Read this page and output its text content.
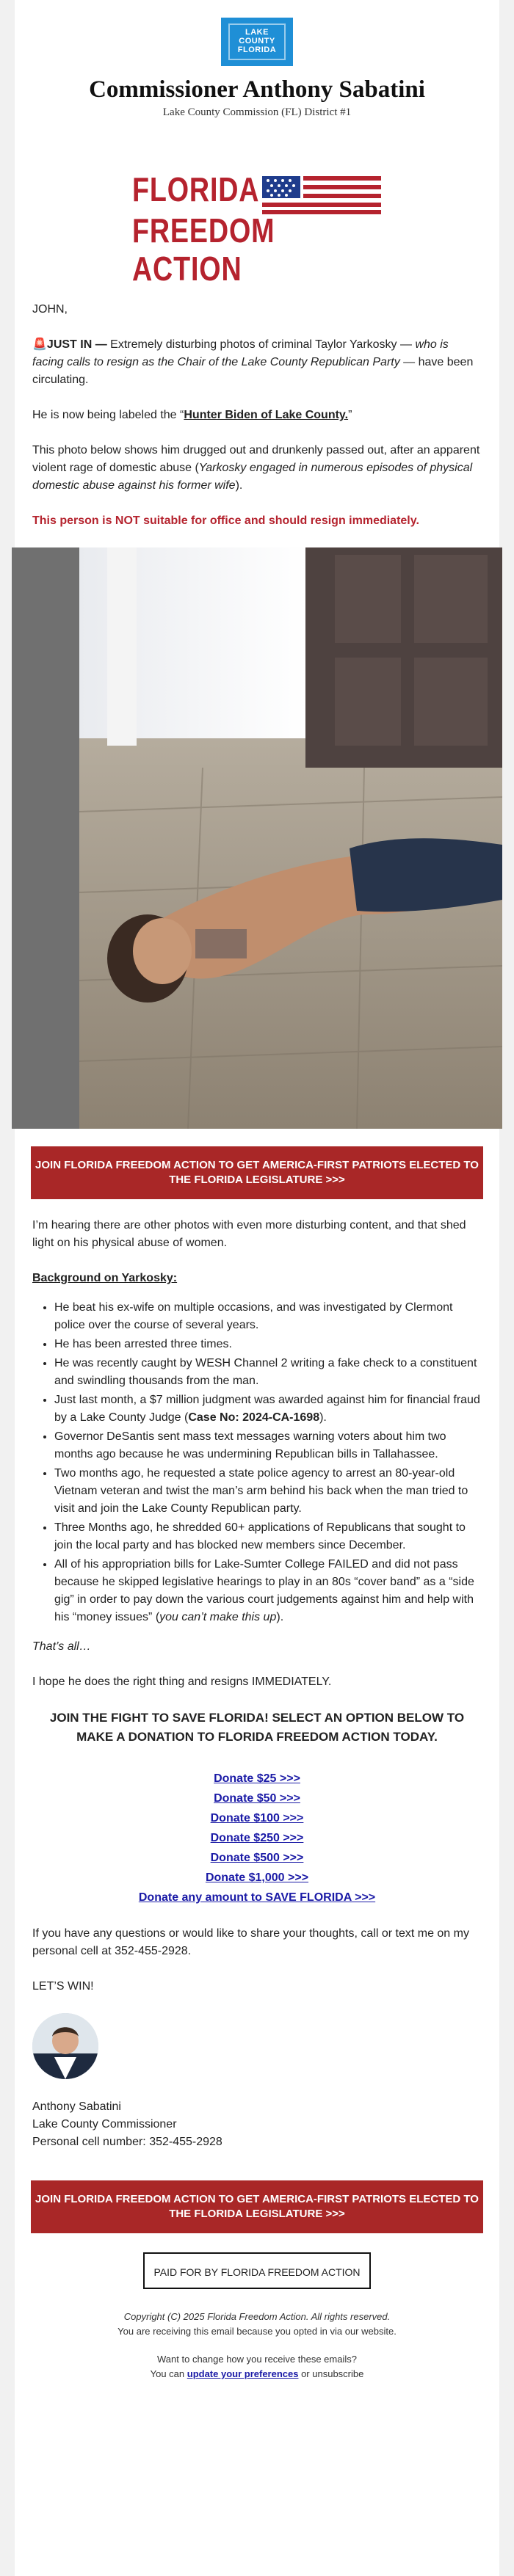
LAKE
COUNTY
FLORIDA
Commissioner Anthony Sabatini
Lake County Commission (FL) District #1
FLORIDA
FREEDOM ACTION

JOHN,

🚨JUST IN — Extremely disturbing photos of criminal Taylor Yarkosky — who is facing calls to resign as the Chair of the Lake County Republican Party — have been circulating.

He is now being labeled the “Hunter Biden of Lake County.”

This photo below shows him drugged out and drunkenly passed out, after an apparent violent rage of domestic abuse (Yarkosky engaged in numerous episodes of physical domestic abuse against his former wife).

This person is NOT suitable for office and should resign immediately.

JOIN FLORIDA FREEDOM ACTION TO GET AMERICA-FIRST PATRIOTS ELECTED TO THE FLORIDA LEGISLATURE >>>

I’m hearing there are other photos with even more disturbing content, and that shed light on his physical abuse of women.

Background on Yarkosky:

• He beat his ex-wife on multiple occasions, and was investigated by Clermont police over the course of several years.
• He has been arrested three times.
• He was recently caught by WESH Channel 2 writing a fake check to a constituent and swindling thousands from the man.
• Just last month, a $7 million judgment was awarded against him for financial fraud by a Lake County Judge (Case No: 2024-CA-1698).
• Governor DeSantis sent mass text messages warning voters about him two months ago because he was undermining Republican bills in Tallahassee.
• Two months ago, he requested a state police agency to arrest an 80-year-old Vietnam veteran and twist the man’s arm behind his back when the man tried to visit and join the Lake County Republican party.
• Three Months ago, he shredded 60+ applications of Republicans that sought to join the local party and has blocked new members since December.
• All of his appropriation bills for Lake-Sumter College FAILED and did not pass because he skipped legislative hearings to play in an 80s “cover band” as a “side gig” in order to pay down the various court judgements against him and help with his “money issues” (you can’t make this up).

That’s all…

I hope he does the right thing and resigns IMMEDIATELY.

JOIN THE FIGHT TO SAVE FLORIDA! SELECT AN OPTION BELOW TO MAKE A DONATION TO FLORIDA FREEDOM ACTION TODAY.

Donate $25 >>>

Donate $50 >>>

Donate $100 >>>

Donate $250 >>>

Donate $500 >>>

Donate $1,000 >>>

Donate any amount to SAVE FLORIDA >>>

If you have any questions or would like to share your thoughts, call or text me on my personal cell at 352-455-2928.

LET’S WIN!

Anthony Sabatini
Lake County Commissioner
Personal cell number: 352-455-2928

JOIN FLORIDA FREEDOM ACTION TO GET AMERICA-FIRST PATRIOTS ELECTED TO THE FLORIDA LEGISLATURE >>>
PAID FOR BY FLORIDA FREEDOM ACTION
Copyright (C) 2025 Florida Freedom Action. All rights reserved.
You are receiving this email because you opted in via our website.
Want to change how you receive these emails?
You can update your preferences or unsubscribe
